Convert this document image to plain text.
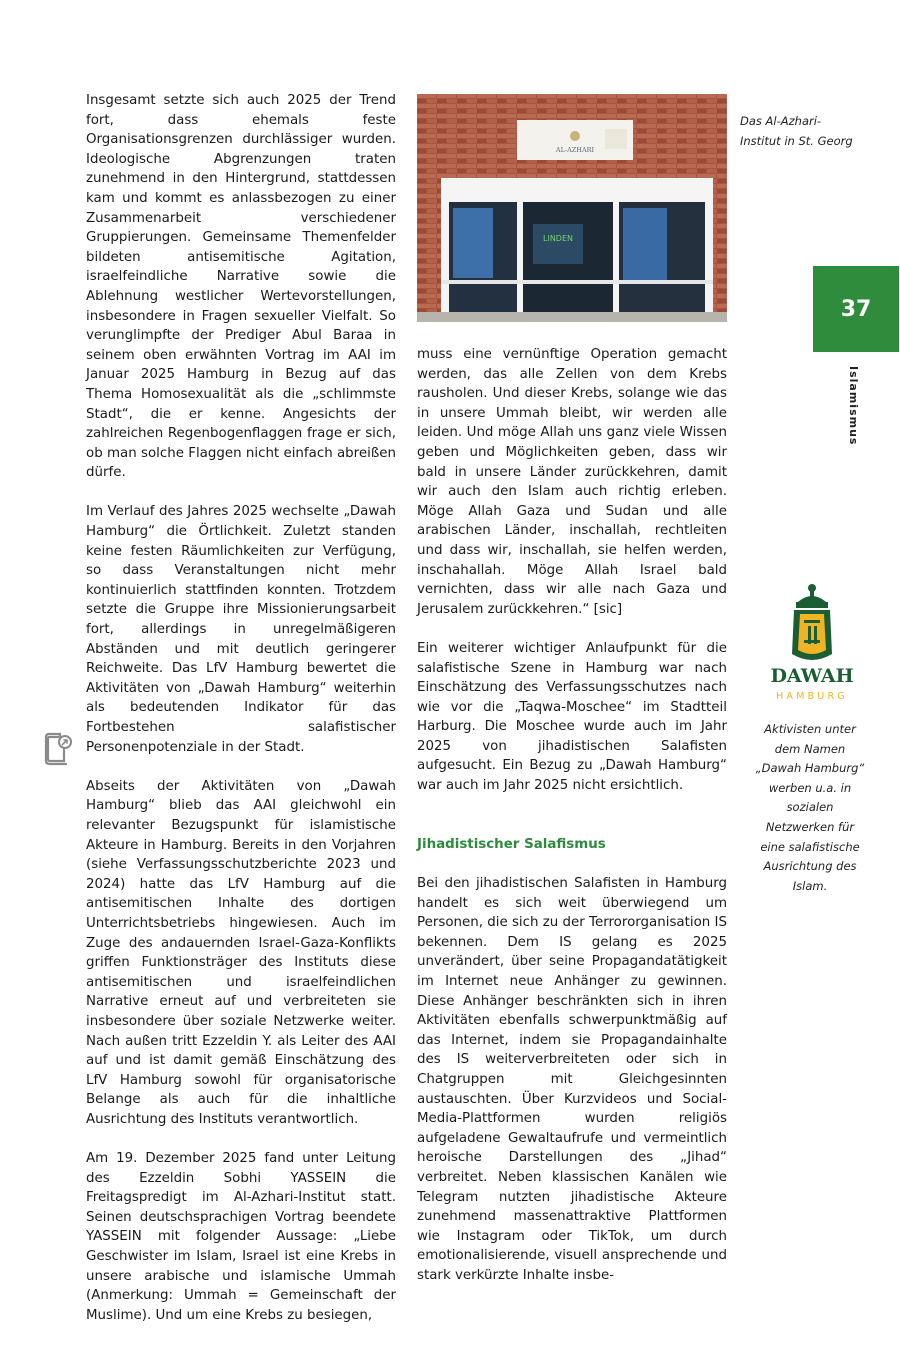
Insgesamt setzte sich auch 2025 der Trend fort, dass ehemals feste Organisationsgrenzen durchlässiger wurden. Ideologische Abgrenzungen traten zunehmend in den Hintergrund, stattdessen kam und kommt es anlassbezogen zu einer Zusammenarbeit verschiedener Gruppierungen. Gemeinsame Themenfelder bildeten antisemitische Agitation, israelfeindliche Narrative sowie die Ablehnung westlicher Wertevorstellungen, insbesondere in Fragen sexueller Vielfalt. So verunglimpfte der Prediger Abul Baraa in seinem oben erwähnten Vortrag im AAI im Januar 2025 Hamburg in Bezug auf das Thema Homosexualität als die „schlimmste Stadt“, die er kenne. Angesichts der zahlreichen Regenbogenflaggen frage er sich, ob man solche Flaggen nicht einfach abreißen dürfe.

Im Verlauf des Jahres 2025 wechselte „Dawah Hamburg“ die Örtlichkeit. Zuletzt standen keine festen Räumlichkeiten zur Verfügung, so dass Veranstaltungen nicht mehr kontinuierlich stattfinden konnten. Trotzdem setzte die Gruppe ihre Missionierungsarbeit fort, allerdings in unregelmäßigeren Abständen und mit deutlich geringerer Reichweite. Das LfV Hamburg bewertet die Aktivitäten von „Dawah Hamburg“ weiterhin als bedeutenden Indikator für das Fortbestehen salafistischer Personenpotenziale in der Stadt.

Abseits der Aktivitäten von „Dawah Hamburg“ blieb das AAI gleichwohl ein relevanter Bezugspunkt für islamistische Akteure in Hamburg. Bereits in den Vorjahren (siehe Verfassungsschutzberichte 2023 und 2024) hatte das LfV Hamburg auf die antisemitischen Inhalte des dortigen Unterrichtsbetriebs hingewiesen. Auch im Zuge des andauernden Israel-Gaza-Konflikts griffen Funktionsträger des Instituts diese antisemitischen und israelfeindlichen Narrative erneut auf und verbreiteten sie insbesondere über soziale Netzwerke weiter. Nach außen tritt Ezzeldin Y. als Leiter des AAI auf und ist damit gemäß Einschätzung des LfV Hamburg sowohl für organisatorische Belange als auch für die inhaltliche Ausrichtung des Instituts verantwortlich.

Am 19. Dezember 2025 fand unter Leitung des Ezzeldin Sobhi YASSEIN die Freitagspredigt im Al-Azhari-Institut statt. Seinen deutschsprachigen Vortrag beendete YASSEIN mit folgender Aussage: „Liebe Geschwister im Islam, Israel ist eine Krebs in unsere arabische und islamische Ummah (Anmerkung: Ummah = Gemeinschaft der Muslime). Und um eine Krebs zu besiegen,

AL-AZHARI
LINDEN
Das Al-Azhari-
Institut in St. Georg
37
Islamismus

muss eine vernünftige Operation gemacht werden, das alle Zellen von dem Krebs rausholen. Und dieser Krebs, solange wie das in unsere Ummah bleibt, wir werden alle leiden. Und möge Allah uns ganz viele Wissen geben und Möglichkeiten geben, dass wir bald in unsere Länder zurückkehren, damit wir auch den Islam auch richtig erleben. Möge Allah Gaza und Sudan und alle arabischen Länder, inschallah, rechtleiten und dass wir, inschallah, sie helfen werden, inschahallah. Möge Allah Israel bald vernichten, dass wir alle nach Gaza und Jerusalem zurückkehren.“ [sic]

Ein weiterer wichtiger Anlaufpunkt für die salafistische Szene in Hamburg war nach Einschätzung des Verfassungsschutzes nach wie vor die „Taqwa-Moschee“ im Stadtteil Harburg. Die Moschee wurde auch im Jahr 2025 von jihadistischen Salafisten aufgesucht. Ein Bezug zu „Dawah Hamburg“ war auch im Jahr 2025 nicht ersichtlich.

Jihadistischer Salafismus

Bei den jihadistischen Salafisten in Hamburg handelt es sich weit überwiegend um Personen, die sich zu der Terrororganisation IS bekennen. Dem IS gelang es 2025 unverändert, über seine Propagandatätigkeit im Internet neue Anhänger zu gewinnen. Diese Anhänger beschränkten sich in ihren Aktivitäten ebenfalls schwerpunktmäßig auf das Internet, indem sie Propagandainhalte des IS weiterverbreiteten oder sich in Chatgruppen mit Gleichgesinnten austauschten. Über Kurzvideos und Social-Media-Plattformen wurden religiös aufgeladene Gewaltaufrufe und vermeintlich heroische Darstellungen des „Jihad“ verbreitet. Neben klassischen Kanälen wie Telegram nutzten jihadistische Akteure zunehmend massenattraktive Plattformen wie Instagram oder TikTok, um durch emotionalisierende, visuell ansprechende und stark verkürzte Inhalte insbe-

DAWAH
HAMBURG
Aktivisten unter
dem Namen
„Dawah Hamburg“
werben u.a. in sozialen
Netzwerken für
eine salafistische
Ausrichtung des Islam.
